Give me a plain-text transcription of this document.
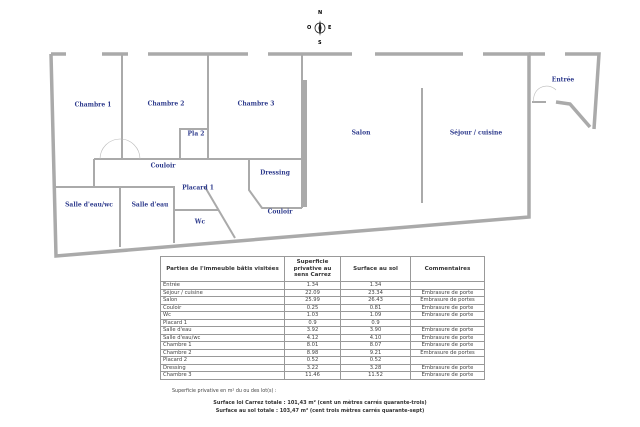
N
S
O	E
Chambre 1	Chambre 2	Chambre 3
Pla 2
Couloir
Placard 1
Dressing
Salle d'eau/wc	Salle d'eau
Wc
Couloir
Salon	Séjour / cuisine
Entrée
Parties de l'immeuble bâtis visitées	Superficie privative au sens Carrez	Surface au sol	Commentaires
Entrée	1.34	1.34	
Séjour / cuisine	22.09	23.34	Embrasure de porte
Salon	25.99	26.43	Embrasure de portes
Couloir	0.25	0.81	Embrasure de porte
Wc	1.03	1.09	Embrasure de porte
Placard 1	0.9	0.9	
Salle d'eau	3.92	3.90	Embrasure de porte
Salle d'eau/wc	4.12	4.10	Embrasure de porte
Chambre 1	8.01	8.07	Embrasure de porte
Chambre 2	8.98	9.21	Embrasure de portes
Placard 2	0.52	0.52	
Dressing	3.22	3.28	Embrasure de porte
Chambre 3	11.46	11.52	Embrasure de porte
Superficie privative en m² du ou des lot(s) :
Surface loi Carrez totale : 101,43 m² (cent un mètres carrés quarante-trois)
Surface au sol totale : 103,47 m² (cent trois mètres carrés quarante-sept)
